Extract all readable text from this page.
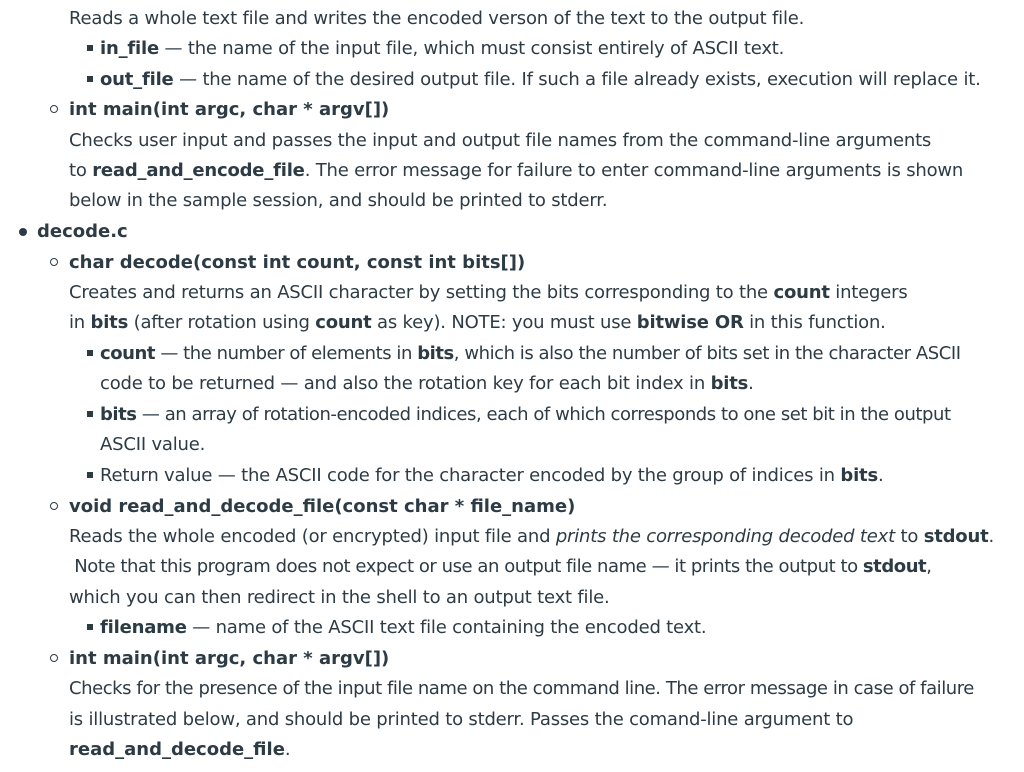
Reads a whole text file and writes the encoded verson of the text to the output file.
in_file — the name of the input file, which must consist entirely of ASCII text.
out_file — the name of the desired output file. If such a file already exists, execution will replace it.
int main(int argc, char * argv[])
Checks user input and passes the input and output file names from the command-line arguments
to read_and_encode_file. The error message for failure to enter command-line arguments is shown
below in the sample session, and should be printed to stderr.
decode.c
char decode(const int count, const int bits[])
Creates and returns an ASCII character by setting the bits corresponding to the count integers
in bits (after rotation using count as key). NOTE: you must use bitwise OR in this function.
count — the number of elements in bits, which is also the number of bits set in the character ASCII
code to be returned — and also the rotation key for each bit index in bits.
bits — an array of rotation-encoded indices, each of which corresponds to one set bit in the output
ASCII value.
Return value — the ASCII code for the character encoded by the group of indices in bits.
void read_and_decode_file(const char * file_name)
Reads the whole encoded (or encrypted) input file and prints the corresponding decoded text to stdout.
Note that this program does not expect or use an output file name — it prints the output to stdout,
which you can then redirect in the shell to an output text file.
filename — name of the ASCII text file containing the encoded text.
int main(int argc, char * argv[])
Checks for the presence of the input file name on the command line. The error message in case of failure
is illustrated below, and should be printed to stderr. Passes the comand-line argument to
read_and_decode_file.
